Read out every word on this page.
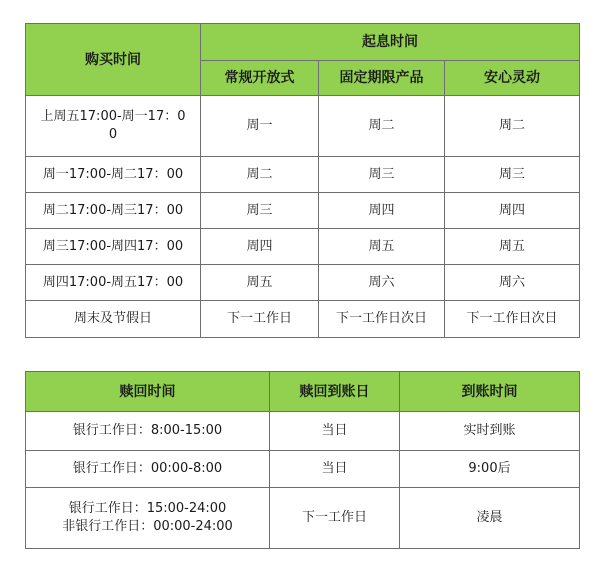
购买时间	起息时间		
	常规开放式	固定期限产品	安心灵动
上周五17:00-周一17：00	周一	周二	周二
周一17:00-周二17：00	周二	周三	周三
周二17:00-周三17：00	周三	周四	周四
周三17:00-周四17：00	周四	周五	周五
周四17:00-周五17：00	周五	周六	周六
周末及节假日	下一工作日	下一工作日次日	下一工作日次日
赎回时间	赎回到账日	到账时间
银行工作日：8:00-15:00	当日	实时到账
银行工作日：00:00-8:00	当日	9:00后

银行工作日：15:00-24:00
非银行工作日：00:00-24:00	下一工作日	凌晨
